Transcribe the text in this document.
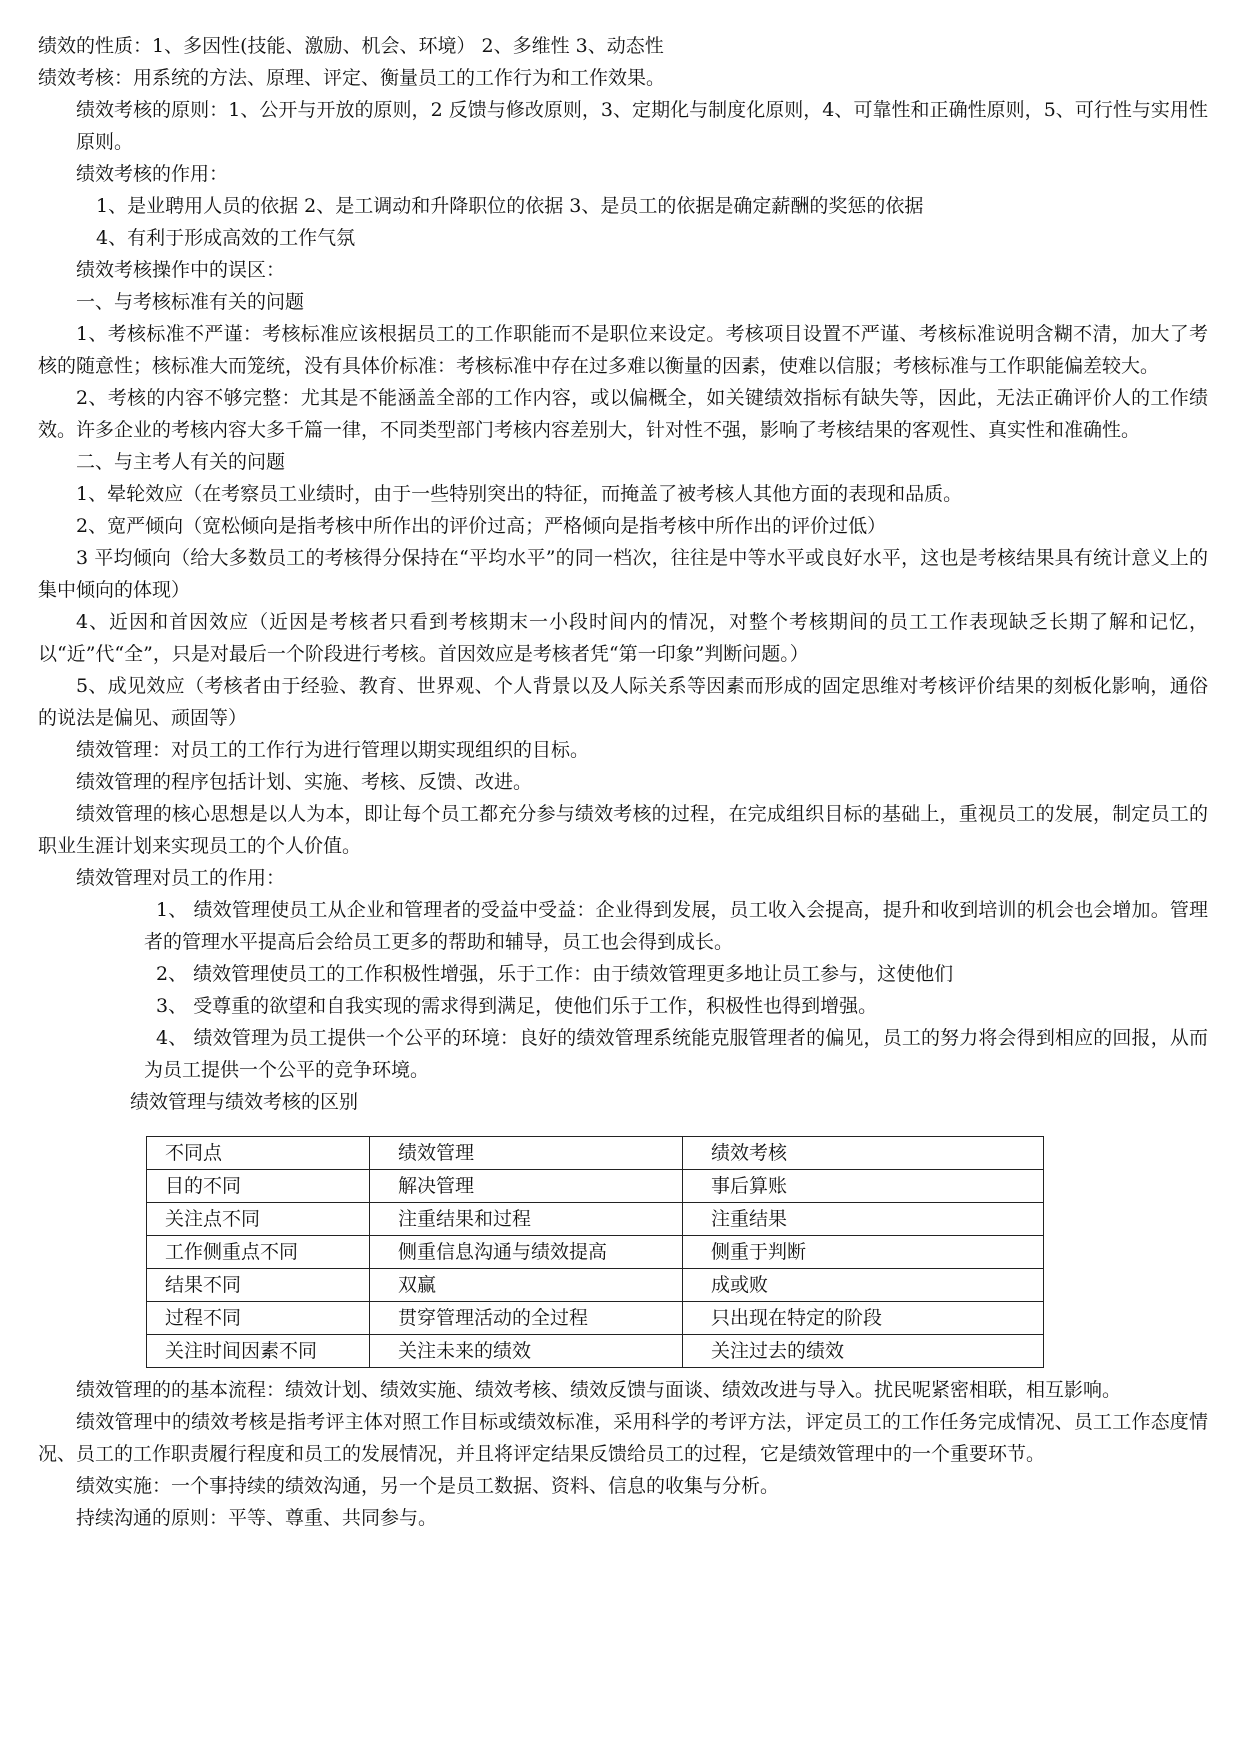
绩效的性质：1、多因性(技能、激励、机会、环境） 2、多维性 3、动态性

绩效考核：用系统的方法、原理、评定、衡量员工的工作行为和工作效果。

绩效考核的原则：1、公开与开放的原则，2 反馈与修改原则，3、定期化与制度化原则，4、可靠性和正确性原则，5、可行性与实用性原则。

绩效考核的作用：

1、是业聘用人员的依据 2、是工调动和升降职位的依据 3、是员工的依据是确定薪酬的奖惩的依据

4、有利于形成高效的工作气氛

绩效考核操作中的误区：

一、与考核标准有关的问题

1、考核标准不严谨：考核标准应该根据员工的工作职能而不是职位来设定。考核项目设置不严谨、考核标准说明含糊不清，加大了考核的随意性；核标准大而笼统，没有具体价标准：考核标准中存在过多难以衡量的因素，使难以信服；考核标准与工作职能偏差较大。

2、考核的内容不够完整：尤其是不能涵盖全部的工作内容，或以偏概全，如关键绩效指标有缺失等，因此，无法正确评价人的工作绩效。许多企业的考核内容大多千篇一律，不同类型部门考核内容差别大，针对性不强，影响了考核结果的客观性、真实性和准确性。

二、与主考人有关的问题

1、晕轮效应（在考察员工业绩时，由于一些特别突出的特征，而掩盖了被考核人其他方面的表现和品质。

2、宽严倾向（宽松倾向是指考核中所作出的评价过高；严格倾向是指考核中所作出的评价过低）

3 平均倾向（给大多数员工的考核得分保持在“平均水平”的同一档次，往往是中等水平或良好水平，这也是考核结果具有统计意义上的集中倾向的体现）

4、近因和首因效应（近因是考核者只看到考核期末一小段时间内的情况，对整个考核期间的员工工作表现缺乏长期了解和记忆，以“近”代“全”，只是对最后一个阶段进行考核。首因效应是考核者凭“第一印象”判断问题。）

5、成见效应（考核者由于经验、教育、世界观、个人背景以及人际关系等因素而形成的固定思维对考核评价结果的刻板化影响，通俗的说法是偏见、顽固等）

绩效管理：对员工的工作行为进行管理以期实现组织的目标。

绩效管理的程序包括计划、实施、考核、反馈、改进。

绩效管理的核心思想是以人为本，即让每个员工都充分参与绩效考核的过程，在完成组织目标的基础上，重视员工的发展，制定员工的职业生涯计划来实现员工的个人价值。

绩效管理对员工的作用：

1、 绩效管理使员工从企业和管理者的受益中受益：企业得到发展，员工收入会提高，提升和收到培训的机会也会增加。管理者的管理水平提高后会给员工更多的帮助和辅导，员工也会得到成长。

2、 绩效管理使员工的工作积极性增强，乐于工作：由于绩效管理更多地让员工参与，这使他们

3、 受尊重的欲望和自我实现的需求得到满足，使他们乐于工作，积极性也得到增强。

4、 绩效管理为员工提供一个公平的环境：良好的绩效管理系统能克服管理者的偏见，员工的努力将会得到相应的回报，从而为员工提供一个公平的竞争环境。

绩效管理与绩效考核的区别

不同点	绩效管理	绩效考核
目的不同	解决管理	事后算账
关注点不同	注重结果和过程	注重结果
工作侧重点不同	侧重信息沟通与绩效提高	侧重于判断
结果不同	双赢	成或败
过程不同	贯穿管理活动的全过程	只出现在特定的阶段
关注时间因素不同	关注未来的绩效	关注过去的绩效

绩效管理的的基本流程：绩效计划、绩效实施、绩效考核、绩效反馈与面谈、绩效改进与导入。扰民呢紧密相联，相互影响。

绩效管理中的绩效考核是指考评主体对照工作目标或绩效标准，采用科学的考评方法，评定员工的工作任务完成情况、员工工作态度情况、员工的工作职责履行程度和员工的发展情况，并且将评定结果反馈给员工的过程，它是绩效管理中的一个重要环节。

绩效实施：一个事持续的绩效沟通，另一个是员工数据、资料、信息的收集与分析。

持续沟通的原则：平等、尊重、共同参与。
